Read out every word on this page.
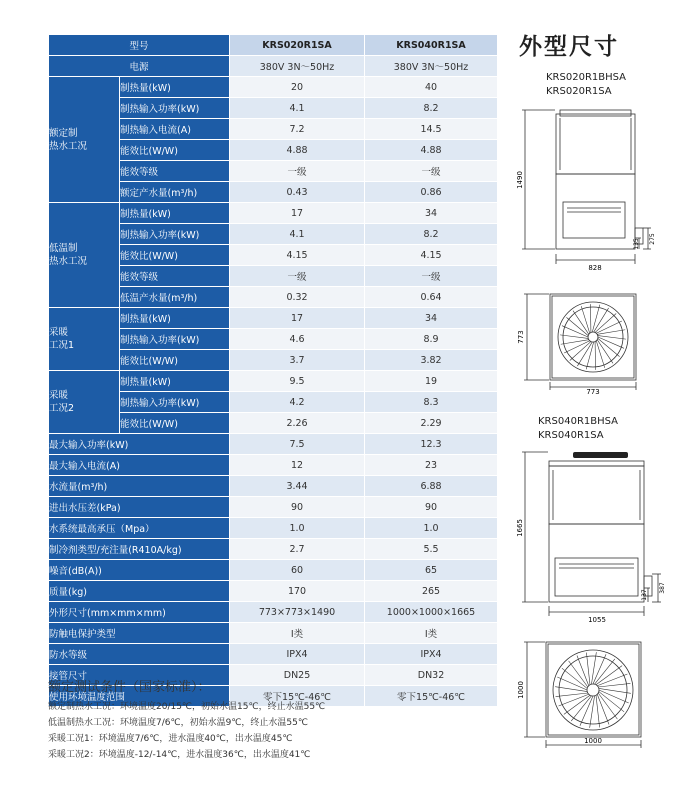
型号		KRS020R1SA	KRS040R1SA
电源		380V 3N～50Hz	380V 3N～50Hz

额定制
热水工况	制热量(kW)	20	40
	制热输入功率(kW)	4.1	8.2
	制热输入电流(A)	7.2	14.5
	能效比(W/W)	4.88	4.88
	能效等级	一级	一级
	额定产水量(m³/h)	0.43	0.86

低温制
热水工况	制热量(kW)	17	34
	制热输入功率(kW)	4.1	8.2
	能效比(W/W)	4.15	4.15
	能效等级	一级	一级
	低温产水量(m³/h)	0.32	0.64

采暖
工况1	制热量(kW)	17	34
	制热输入功率(kW)	4.6	8.9
	能效比(W/W)	3.7	3.82

采暖
工况2	制热量(kW)	9.5	19
	制热输入功率(kW)	4.2	8.3
	能效比(W/W)	2.26	2.29
最大输入功率(kW)		7.5	12.3
最大输入电流(A)		12	23
水流量(m³/h)		3.44	6.88
进出水压差(kPa)		90	90
水系统最高承压（Mpa）		1.0	1.0
制冷剂类型/充注量(R410A/kg)		2.7	5.5
噪音(dB(A))		60	65
质量(kg)		170	265
外形尺寸(mm×mm×mm)		773×773×1490	1000×1000×1665
防触电保护类型		I类	I类
防水等级		IPX4	IPX4
接管尺寸		DN25	DN32
使用环境温度范围		零下15℃-46℃	零下15℃-46℃
额定测试条件（国家标准）：
额定制热水工况：环境温度20/15℃，初始水温15℃，终止水温55℃
低温制热水工况：环境温度7/6℃，初始水温9℃，终止水温55℃
采暖工况1：环境温度7/6℃，进水温度40℃，出水温度45℃
采暖工况2：环境温度-12/-14℃，进水温度36℃，出水温度41℃
外型尺寸
KRS020R1BHSA
KRS020R1SA
1490
828
135 275
773
773
KRS040R1BHSA
KRS040R1SA
1665
1055
137
387
1000
1000
